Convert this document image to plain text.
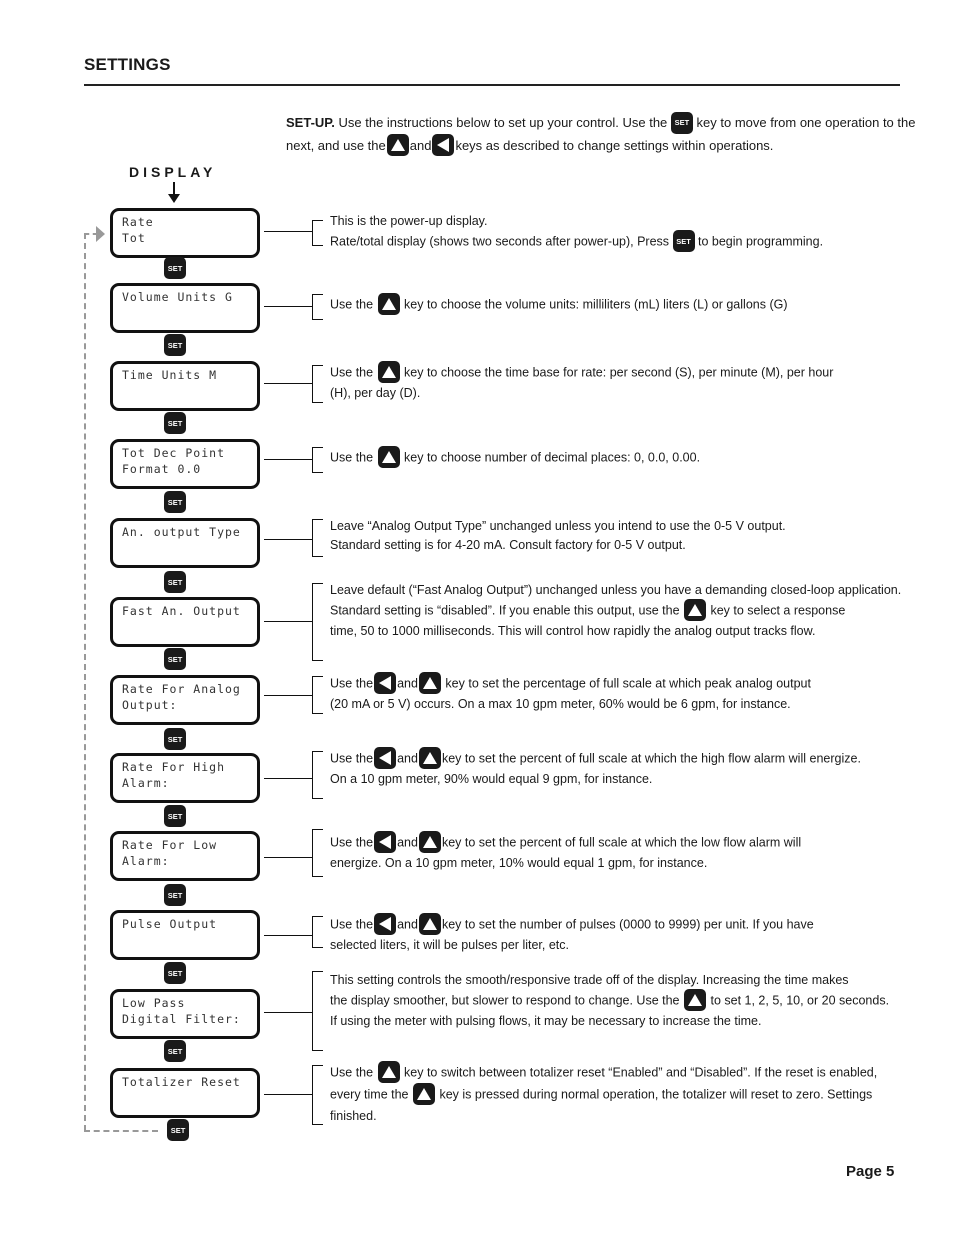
SETTINGS
SET-UP. Use the instructions below to set up your control. Use the SET key to move from one operation to the next, and use the and keys as described to change settings within operations.
DISPLAY
Rate
Tot
SET

This is the power-up display.

Rate/total display (shows two seconds after power-up), Press SET to begin programming.

Volume Units G
SET

Use the
key to choose the volume units: milliliters (mL) liters (L) or gallons (G)

Time Units M
SET

Use the
key to choose the time base for rate: per second (S), per minute (M), per hour

(H), per day (D).

Tot Dec Point
Format 0.0
SET

Use the
key to choose number of decimal places: 0, 0.0, 0.00.

An. output Type
SET

Leave “Analog Output Type” unchanged unless you intend to use the 0-5 V output.

Standard setting is for 4-20 mA. Consult factory for 0-5 V output.

Fast An. Output
SET

Leave default (“Fast Analog Output”) unchanged unless you have a demanding closed-loop application.

Standard setting is “disabled”. If you enable this output, use the
key to select a response

time, 50 to 1000 milliseconds. This will control how rapidly the analog output tracks flow.

Rate For Analog
Output:
SET

Use the and
key to set the percentage of full scale at which peak analog output

(20 mA or 5 V) occurs. On a max 10 gpm meter, 60% would be 6 gpm, for instance.

Rate For High
Alarm:
SET

Use the and key to set the percent of full scale at which the high flow alarm will energize.

On a 10 gpm meter, 90% would equal 9 gpm, for instance.

Rate For Low
Alarm:
SET

Use the and key to set the percent of full scale at which the low flow alarm will

energize. On a 10 gpm meter, 10% would equal 1 gpm, for instance.

Pulse Output
SET

Use the and key to set the number of pulses (0000 to 9999) per unit. If you have

selected liters, it will be pulses per liter, etc.

Low Pass
Digital Filter:
SET

This setting controls the smooth/responsive trade off of the display. Increasing the time makes

the display smoother, but slower to respond to change. Use the
to set 1, 2, 5, 10, or 20 seconds.

If using the meter with pulsing flows, it may be necessary to increase the time.

Totalizer Reset
SET

Use the
key to switch between totalizer reset “Enabled” and “Disabled”. If the reset is enabled,

every time the
key is pressed during normal operation, the totalizer will reset to zero. Settings

finished.

Page 5
